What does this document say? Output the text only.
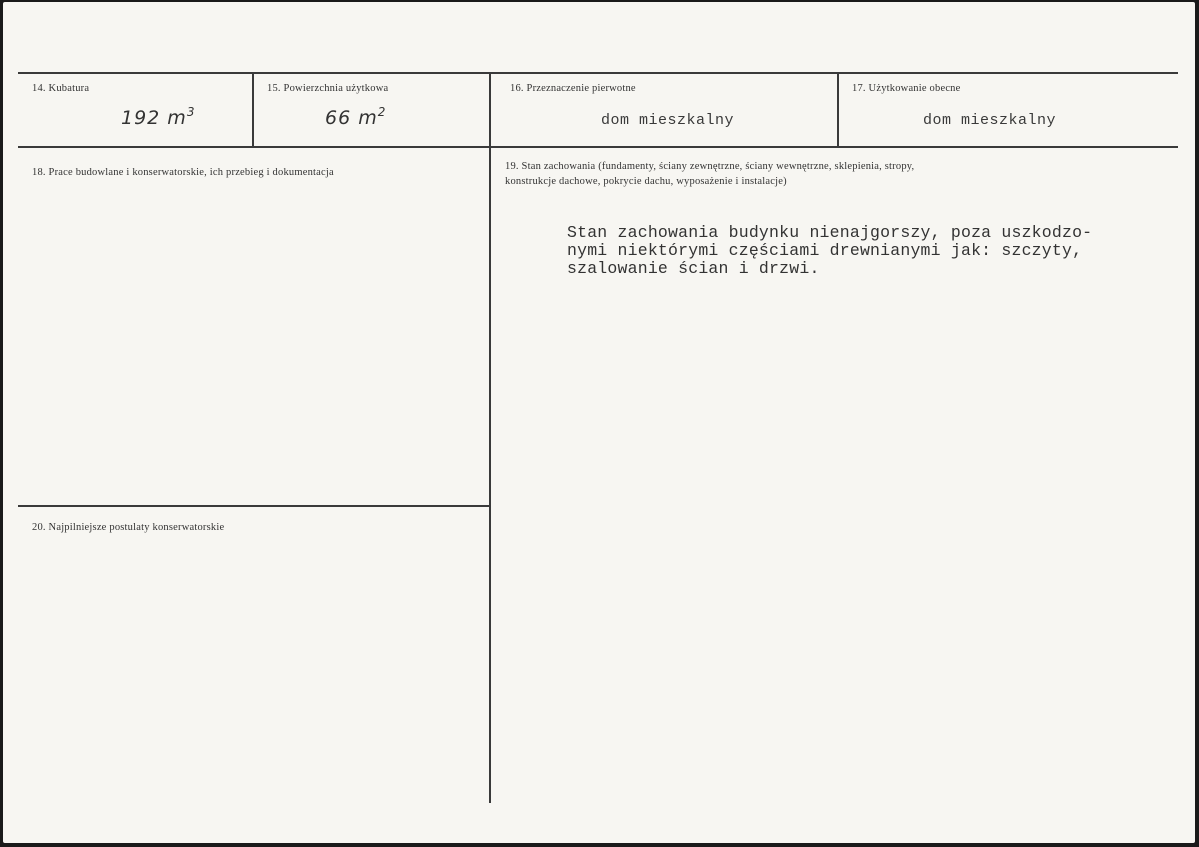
14. Kubatura
192 $m^3$
15. Powierzchnia użytkowa
66 $m^2$
16. Przeznaczenie pierwotne
dom mieszkalny
17. Użytkowanie obecne
dom mieszkalny
18. Prace budowlane i konserwatorskie, ich przebieg i dokumentacja
19. Stan zachowania (fundamenty, ściany zewnętrzne, ściany wewnętrzne, sklepienia, stropy,
konstrukcje dachowe, pokrycie dachu, wyposażenie i instalacje)
Stan zachowania budynku nienajgorszy, poza uszkodzo-
nymi niektórymi częściami drewnianymi jak: szczyty,
szalowanie ścian i drzwi.
20. Najpilniejsze postulaty konserwatorskie
